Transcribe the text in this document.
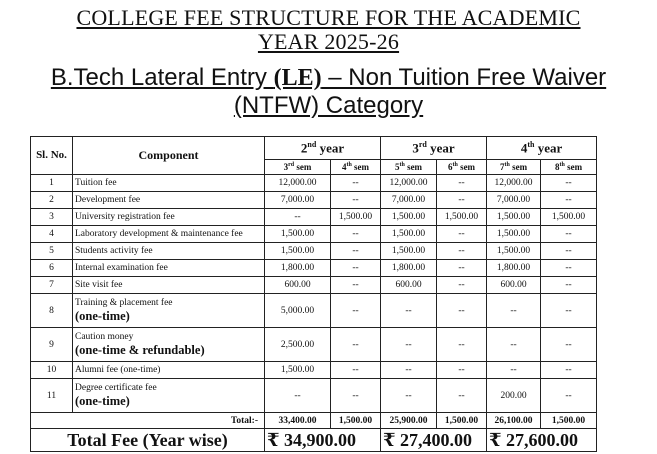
COLLEGE FEE STRUCTURE FOR THE ACADEMIC
YEAR 2025-26
B.Tech Lateral Entry (LE) – Non Tuition Free Waiver
(NTFW) Category
Sl. No.	Component	2nd year		3rd year		4th year	
		3rd sem	4th sem	5th sem	6th sem	7th sem	8th sem
1	Tuition fee	12,000.00	--	12,000.00	--	12,000.00	--
2	Development fee	7,000.00	--	7,000.00	--	7,000.00	--
3	University registration fee	--	1,500.00	1,500.00	1,500.00	1,500.00	1,500.00
4	Laboratory development & maintenance fee	1,500.00	--	1,500.00	--	1,500.00	--
5	Students activity fee	1,500.00	--	1,500.00	--	1,500.00	--
6	Internal examination fee	1,800.00	--	1,800.00	--	1,800.00	--
7	Site visit fee	600.00	--	600.00	--	600.00	--
8	Training & placement fee
(one-time)	5,000.00	--	--	--	--	--
9	Caution money
(one-time & refundable)	2,500.00	--	--	--	--	--
10	Alumni fee (one-time)	1,500.00	--	--	--	--	--
11	Degree certificate fee
(one-time)	--	--	--	--	200.00	--
Total:-		33,400.00	1,500.00	25,900.00	1,500.00	26,100.00	1,500.00
Total Fee (Year wise)		₹ 34,900.00		₹ 27,400.00		₹ 27,600.00	
